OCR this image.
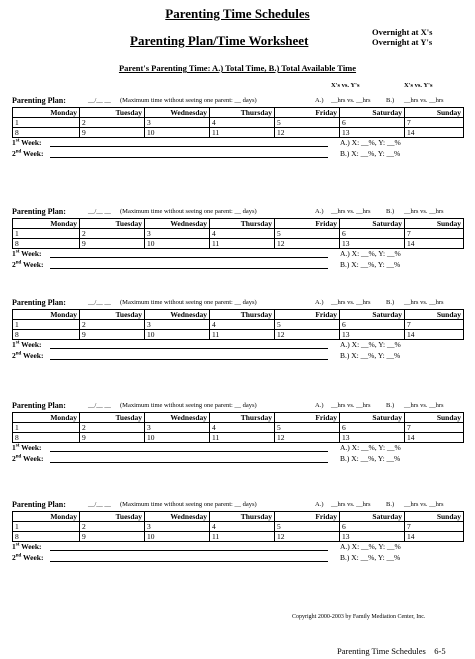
Parenting Time Schedules
Parenting Plan/Time Worksheet
Overnight at X's
Overnight at Y's
Parent's Parenting Time: A.) Total Time, B.) Total Available Time
X's vs. Y's	X's vs. Y's
Parenting Plan:	__/__ __ (Maximum time without seeing one parent: __ days)	A.) __hrs vs. __hrs B.) __hrs vs. __hrs
Monday	Tuesday	Wednesday	Thursday	Friday	Saturday	Sunday
1	2	3	4	5	6	7
8	9	10	11	12	13	14
1st Week:	A.) X: __%, Y: __%
2nd Week:	B.) X: __%, Y: __%
Parenting Plan:	__/__ __ (Maximum time without seeing one parent: __ days)	A.) __hrs vs. __hrs B.) __hrs vs. __hrs
Monday	Tuesday	Wednesday	Thursday	Friday	Saturday	Sunday
1	2	3	4	5	6	7
8	9	10	11	12	13	14
1st Week:	A.) X: __%, Y: __%
2nd Week:	B.) X: __%, Y: __%
Parenting Plan:	__/__ __ (Maximum time without seeing one parent: __ days)	A.) __hrs vs. __hrs B.) __hrs vs. __hrs
Monday	Tuesday	Wednesday	Thursday	Friday	Saturday	Sunday
1	2	3	4	5	6	7
8	9	10	11	12	13	14
1st Week:	A.) X: __%, Y: __%
2nd Week:	B.) X: __%, Y: __%
Parenting Plan:	__/__ __ (Maximum time without seeing one parent: __ days)	A.) __hrs vs. __hrs B.) __hrs vs. __hrs
Monday	Tuesday	Wednesday	Thursday	Friday	Saturday	Sunday
1	2	3	4	5	6	7
8	9	10	11	12	13	14
1st Week:	A.) X: __%, Y: __%
2nd Week:	B.) X: __%, Y: __%
Parenting Plan:	__/__ __ (Maximum time without seeing one parent: __ days)	A.) __hrs vs. __hrs B.) __hrs vs. __hrs
Monday	Tuesday	Wednesday	Thursday	Friday	Saturday	Sunday
1	2	3	4	5	6	7
8	9	10	11	12	13	14
1st Week:	A.) X: __%, Y: __%
2nd Week:	B.) X: __%, Y: __%
Copyright 2000-2003 by Family Mediation Center, Inc.
Parenting Time Schedules 6-5
